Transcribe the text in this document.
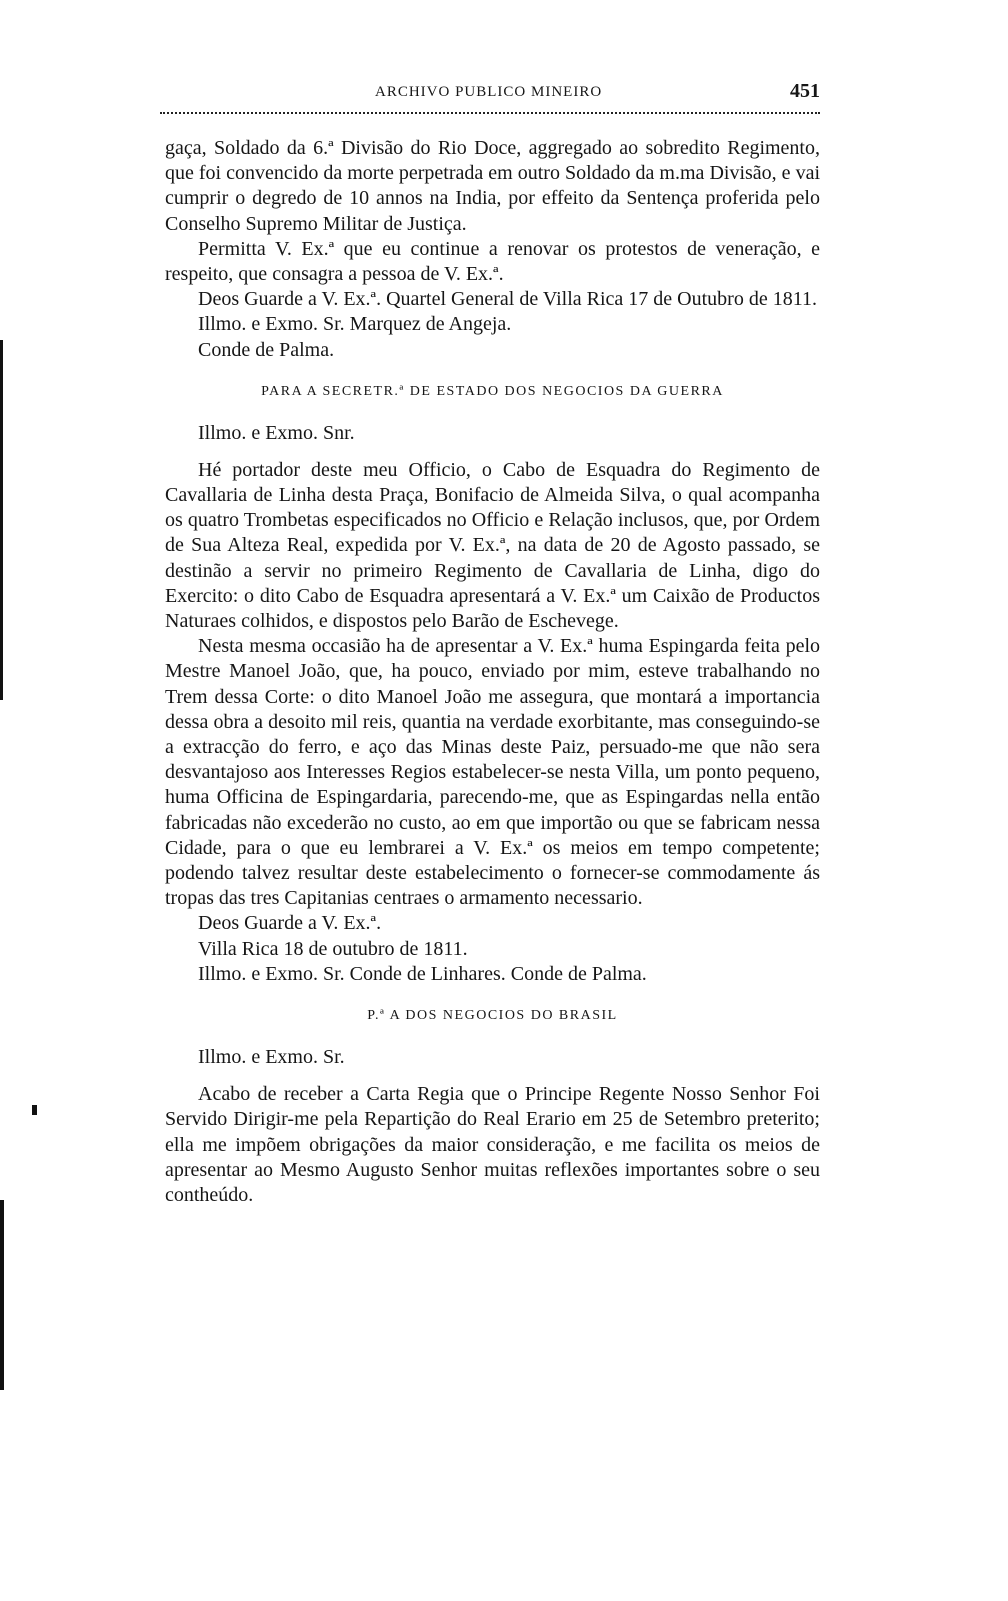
ARCHIVO PUBLICO MINEIRO	451

gaça, Soldado da 6.ª Divisão do Rio Doce, aggregado ao sobredito Regimento, que foi convencido da morte perpetrada em outro Soldado da m.ma Divisão, e vai cumprir o degredo de 10 annos na India, por effeito da Sentença proferida pelo Conselho Supremo Militar de Justiça.

Permitta V. Ex.ª que eu continue a renovar os protestos de veneração, e respeito, que consagra a pessoa de V. Ex.ª.

Deos Guarde a V. Ex.ª. Quartel General de Villa Rica 17 de Outubro de 1811.

Illmo. e Exmo. Sr. Marquez de Angeja.

Conde de Palma.

PARA A SECRETR.ª DE ESTADO DOS NEGOCIOS DA GUERRA

Illmo. e Exmo. Snr.

Hé portador deste meu Officio, o Cabo de Esquadra do Regimento de Cavallaria de Linha desta Praça, Bonifacio de Almeida Silva, o qual acompanha os quatro Trombetas especificados no Officio e Relação inclusos, que, por Ordem de Sua Alteza Real, expedida por V. Ex.ª, na data de 20 de Agosto passado, se destinão a servir no primeiro Regimento de Cavallaria de Linha, digo do Exercito: o dito Cabo de Esquadra apresentará a V. Ex.ª um Caixão de Productos Naturaes colhidos, e dispostos pelo Barão de Eschevege.

Nesta mesma occasião ha de apresentar a V. Ex.ª huma Espingarda feita pelo Mestre Manoel João, que, ha pouco, enviado por mim, esteve trabalhando no Trem dessa Corte: o dito Manoel João me assegura, que montará a importancia dessa obra a desoito mil reis, quantia na verdade exorbitante, mas conseguindo-se a extracção do ferro, e aço das Minas deste Paiz, persuado-me que não sera desvantajoso aos Interesses Regios estabelecer-se nesta Villa, um ponto pequeno, huma Officina de Espingardaria, parecendo-me, que as Espingardas nella então fabricadas não excederão no custo, ao em que importão ou que se fabricam nessa Cidade, para o que eu lembrarei a V. Ex.ª os meios em tempo competente; podendo talvez resultar deste estabelecimento o fornecer-se commodamente ás tropas das tres Capitanias centraes o armamento necessario.

Deos Guarde a V. Ex.ª.

Villa Rica 18 de outubro de 1811.

Illmo. e Exmo. Sr. Conde de Linhares. Conde de Palma.

P.ª A DOS NEGOCIOS DO BRASIL

Illmo. e Exmo. Sr.

Acabo de receber a Carta Regia que o Principe Regente Nosso Senhor Foi Servido Dirigir-me pela Repartição do Real Erario em 25 de Setembro preterito; ella me impõem obrigações da maior consideração, e me facilita os meios de apresentar ao Mesmo Augusto Senhor muitas reflexões importantes sobre o seu contheúdo.
